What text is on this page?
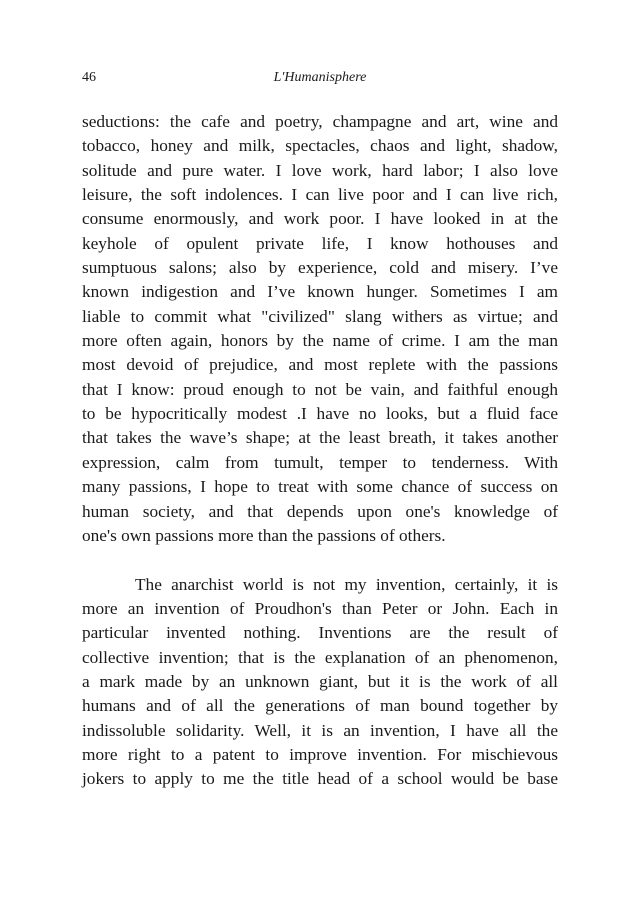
46	L'Humanisphere
seductions: the cafe and poetry, champagne and art, wine and
tobacco, honey and milk, spectacles, chaos and light, shadow,
solitude and pure water. I love work, hard labor; I also love
leisure, the soft indolences. I can live poor and I can live rich,
consume enormously, and work poor. I have looked in at the
keyhole of opulent private life, I know hothouses and
sumptuous salons; also by experience, cold and misery. I’ve
known indigestion and I’ve known hunger. Sometimes I am
liable to commit what "civilized" slang withers as virtue; and
more often again, honors by the name of crime. I am the man
most devoid of prejudice, and most replete with the passions
that I know: proud enough to not be vain, and faithful enough
to be hypocritically modest .I have no looks, but a fluid face
that takes the wave’s shape; at the least breath, it takes another
expression, calm from tumult, temper to tenderness. With
many passions, I hope to treat with some chance of success on
human society, and that depends upon one's knowledge of
one's own passions more than the passions of others.
The anarchist world is not my invention, certainly, it is
more an invention of Proudhon's than Peter or John. Each in
particular invented nothing. Inventions are the result of
collective invention; that is the explanation of an phenomenon,
a mark made by an unknown giant, but it is the work of all
humans and of all the generations of man bound together by
indissoluble solidarity. Well, it is an invention, I have all the
more right to a patent to improve invention. For mischievous
jokers to apply to me the title head of a school would be base
